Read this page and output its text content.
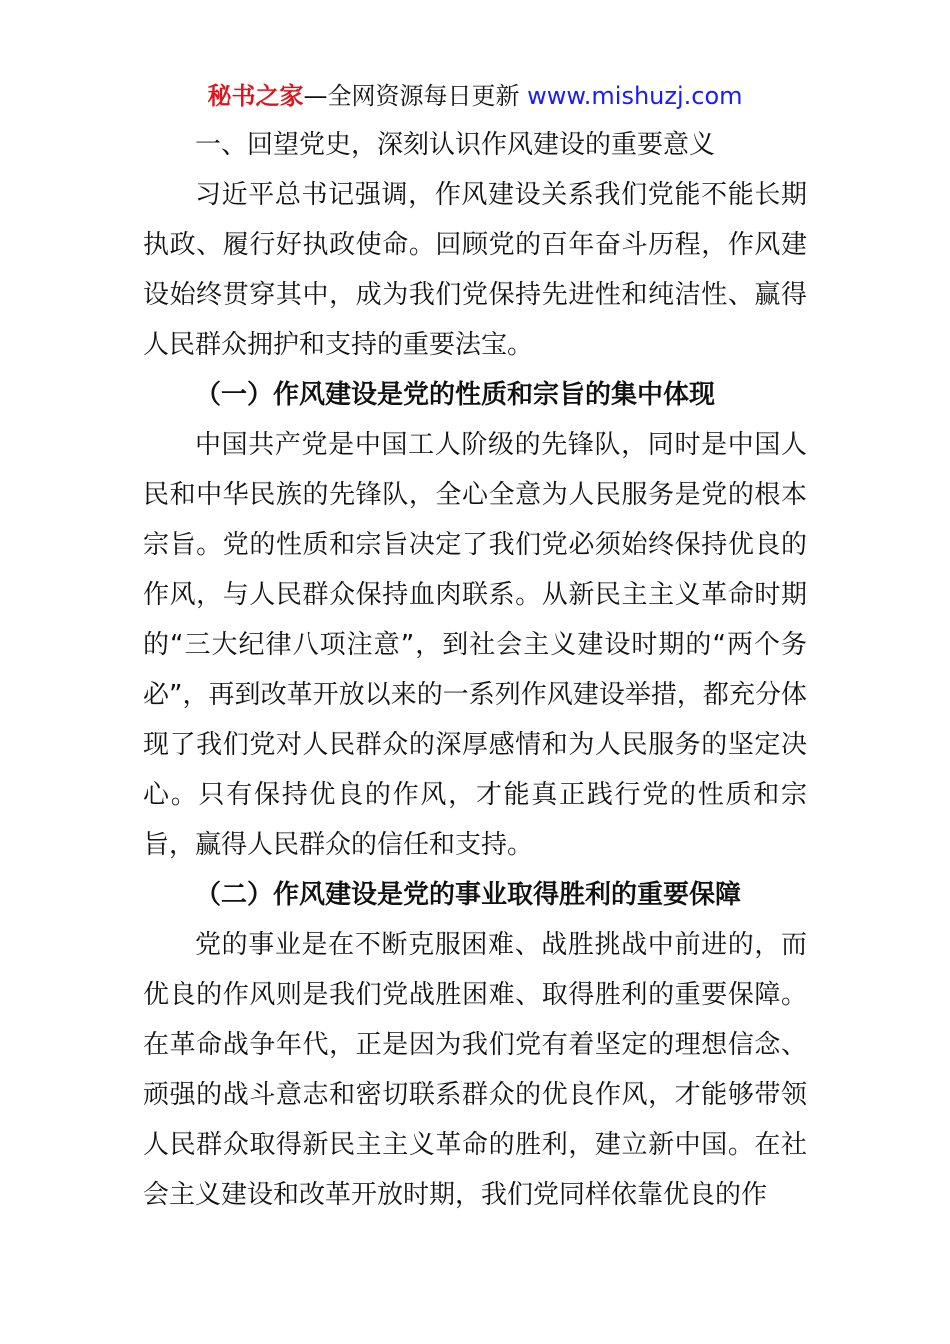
秘书之家—全网资源每日更新 www.mishuzj.com
一、回望党史，深刻认识作风建设的重要意义

习近平总书记强调，作风建设关系我们党能不能长期执政、履行好执政使命。回顾党的百年奋斗历程，作风建设始终贯穿其中，成为我们党保持先进性和纯洁性、赢得人民群众拥护和支持的重要法宝。

（一）作风建设是党的性质和宗旨的集中体现

中国共产党是中国工人阶级的先锋队，同时是中国人民和中华民族的先锋队，全心全意为人民服务是党的根本宗旨。党的性质和宗旨决定了我们党必须始终保持优良的作风，与人民群众保持血肉联系。从新民主主义革命时期的“三大纪律八项注意”，到社会主义建设时期的“两个务必”，再到改革开放以来的一系列作风建设举措，都充分体现了我们党对人民群众的深厚感情和为人民服务的坚定决心。只有保持优良的作风，才能真正践行党的性质和宗旨，赢得人民群众的信任和支持。

（二）作风建设是党的事业取得胜利的重要保障

党的事业是在不断克服困难、战胜挑战中前进的，而优良的作风则是我们党战胜困难、取得胜利的重要保障。在革命战争年代，正是因为我们党有着坚定的理想信念、顽强的战斗意志和密切联系群众的优良作风，才能够带领人民群众取得新民主主义革命的胜利，建立新中国。在社会主义建设和改革开放时期，我们党同样依靠优良的作
